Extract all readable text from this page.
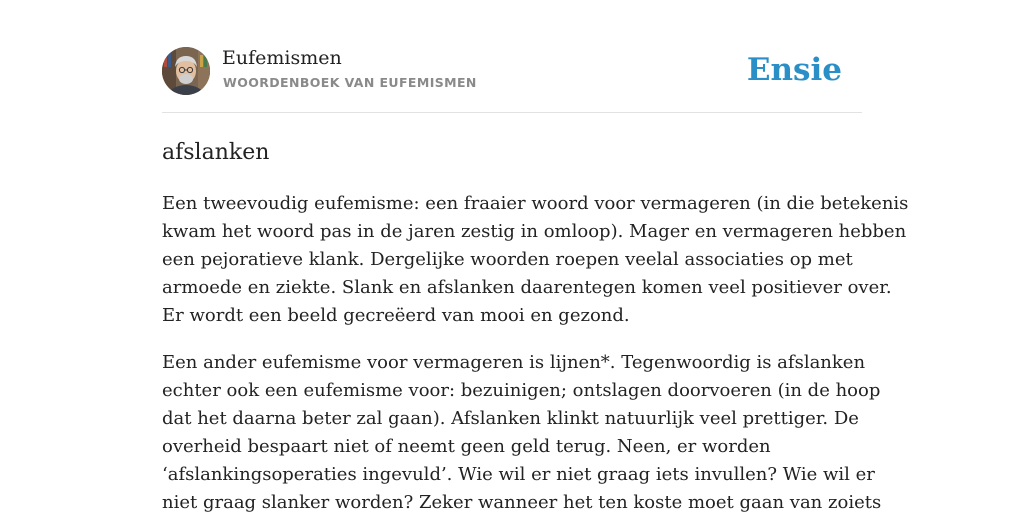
Eufemismen
WOORDENBOEK VAN EUFEMISMEN	Ensie
afslanken

Een tweevoudig eufemisme: een fraaier woord voor vermageren (in die betekenis
kwam het woord pas in de jaren zestig in omloop). Mager en vermageren hebben
een pejoratieve klank. Dergelijke woorden roepen veelal associaties op met
armoede en ziekte. Slank en afslanken daarentegen komen veel positiever over.
Er wordt een beeld gecreëerd van mooi en gezond.

Een ander eufemisme voor vermageren is lijnen*. Tegenwoordig is afslanken
echter ook een eufemisme voor: bezuinigen; ontslagen doorvoeren (in de hoop
dat het daarna beter zal gaan). Afslanken klinkt natuurlijk veel prettiger. De
overheid bespaart niet of neemt geen geld terug. Neen, er worden
‘afslankingsoperaties ingevuld’. Wie wil er niet graag iets invullen? Wie wil er
niet graag slanker worden? Zeker wanneer het ten koste moet gaan van zoiets
